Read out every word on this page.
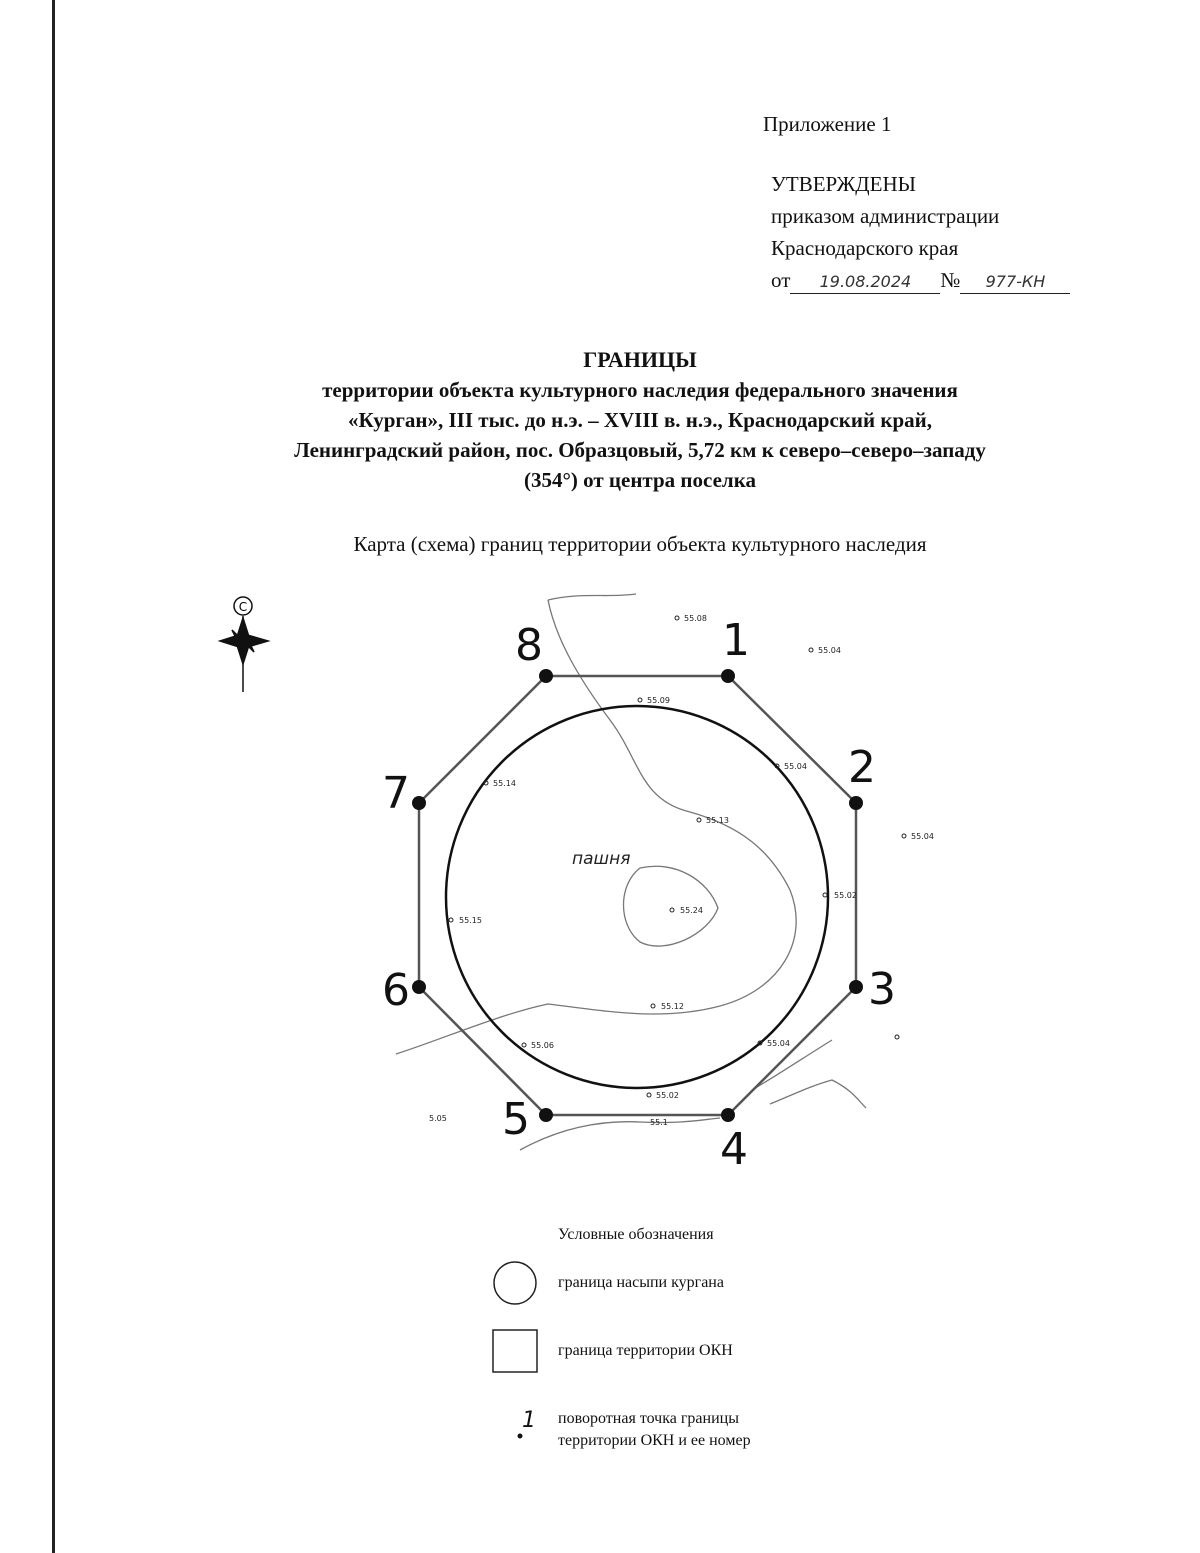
Приложение 1
УТВЕРЖДЕНЫ
приказом администрации
Краснодарского края
от 19.08.2024 № 977-КН
ГРАНИЦЫ
территории объекта культурного наследия федерального значения
«Курган», III тыс. до н.э. – XVIII в. н.э., Краснодарский край,
Ленинградский район, пос. Образцовый, 5,72 км к северо–северо–западу
(354°) от центра поселка
Карта (схема) границ территории объекта культурного наследия
С
1
2
3
4
5
6
7
8
55.08
55.04
55.09
55.02
55.14
55.13
55.04
55.04
55.15
55.24
55.12
55.06	55.04
55.02
55.1
5.05
пашня
1
Условные обозначения
граница насыпи кургана
граница территории ОКН
поворотная точка границы
территории ОКН и ее номер
